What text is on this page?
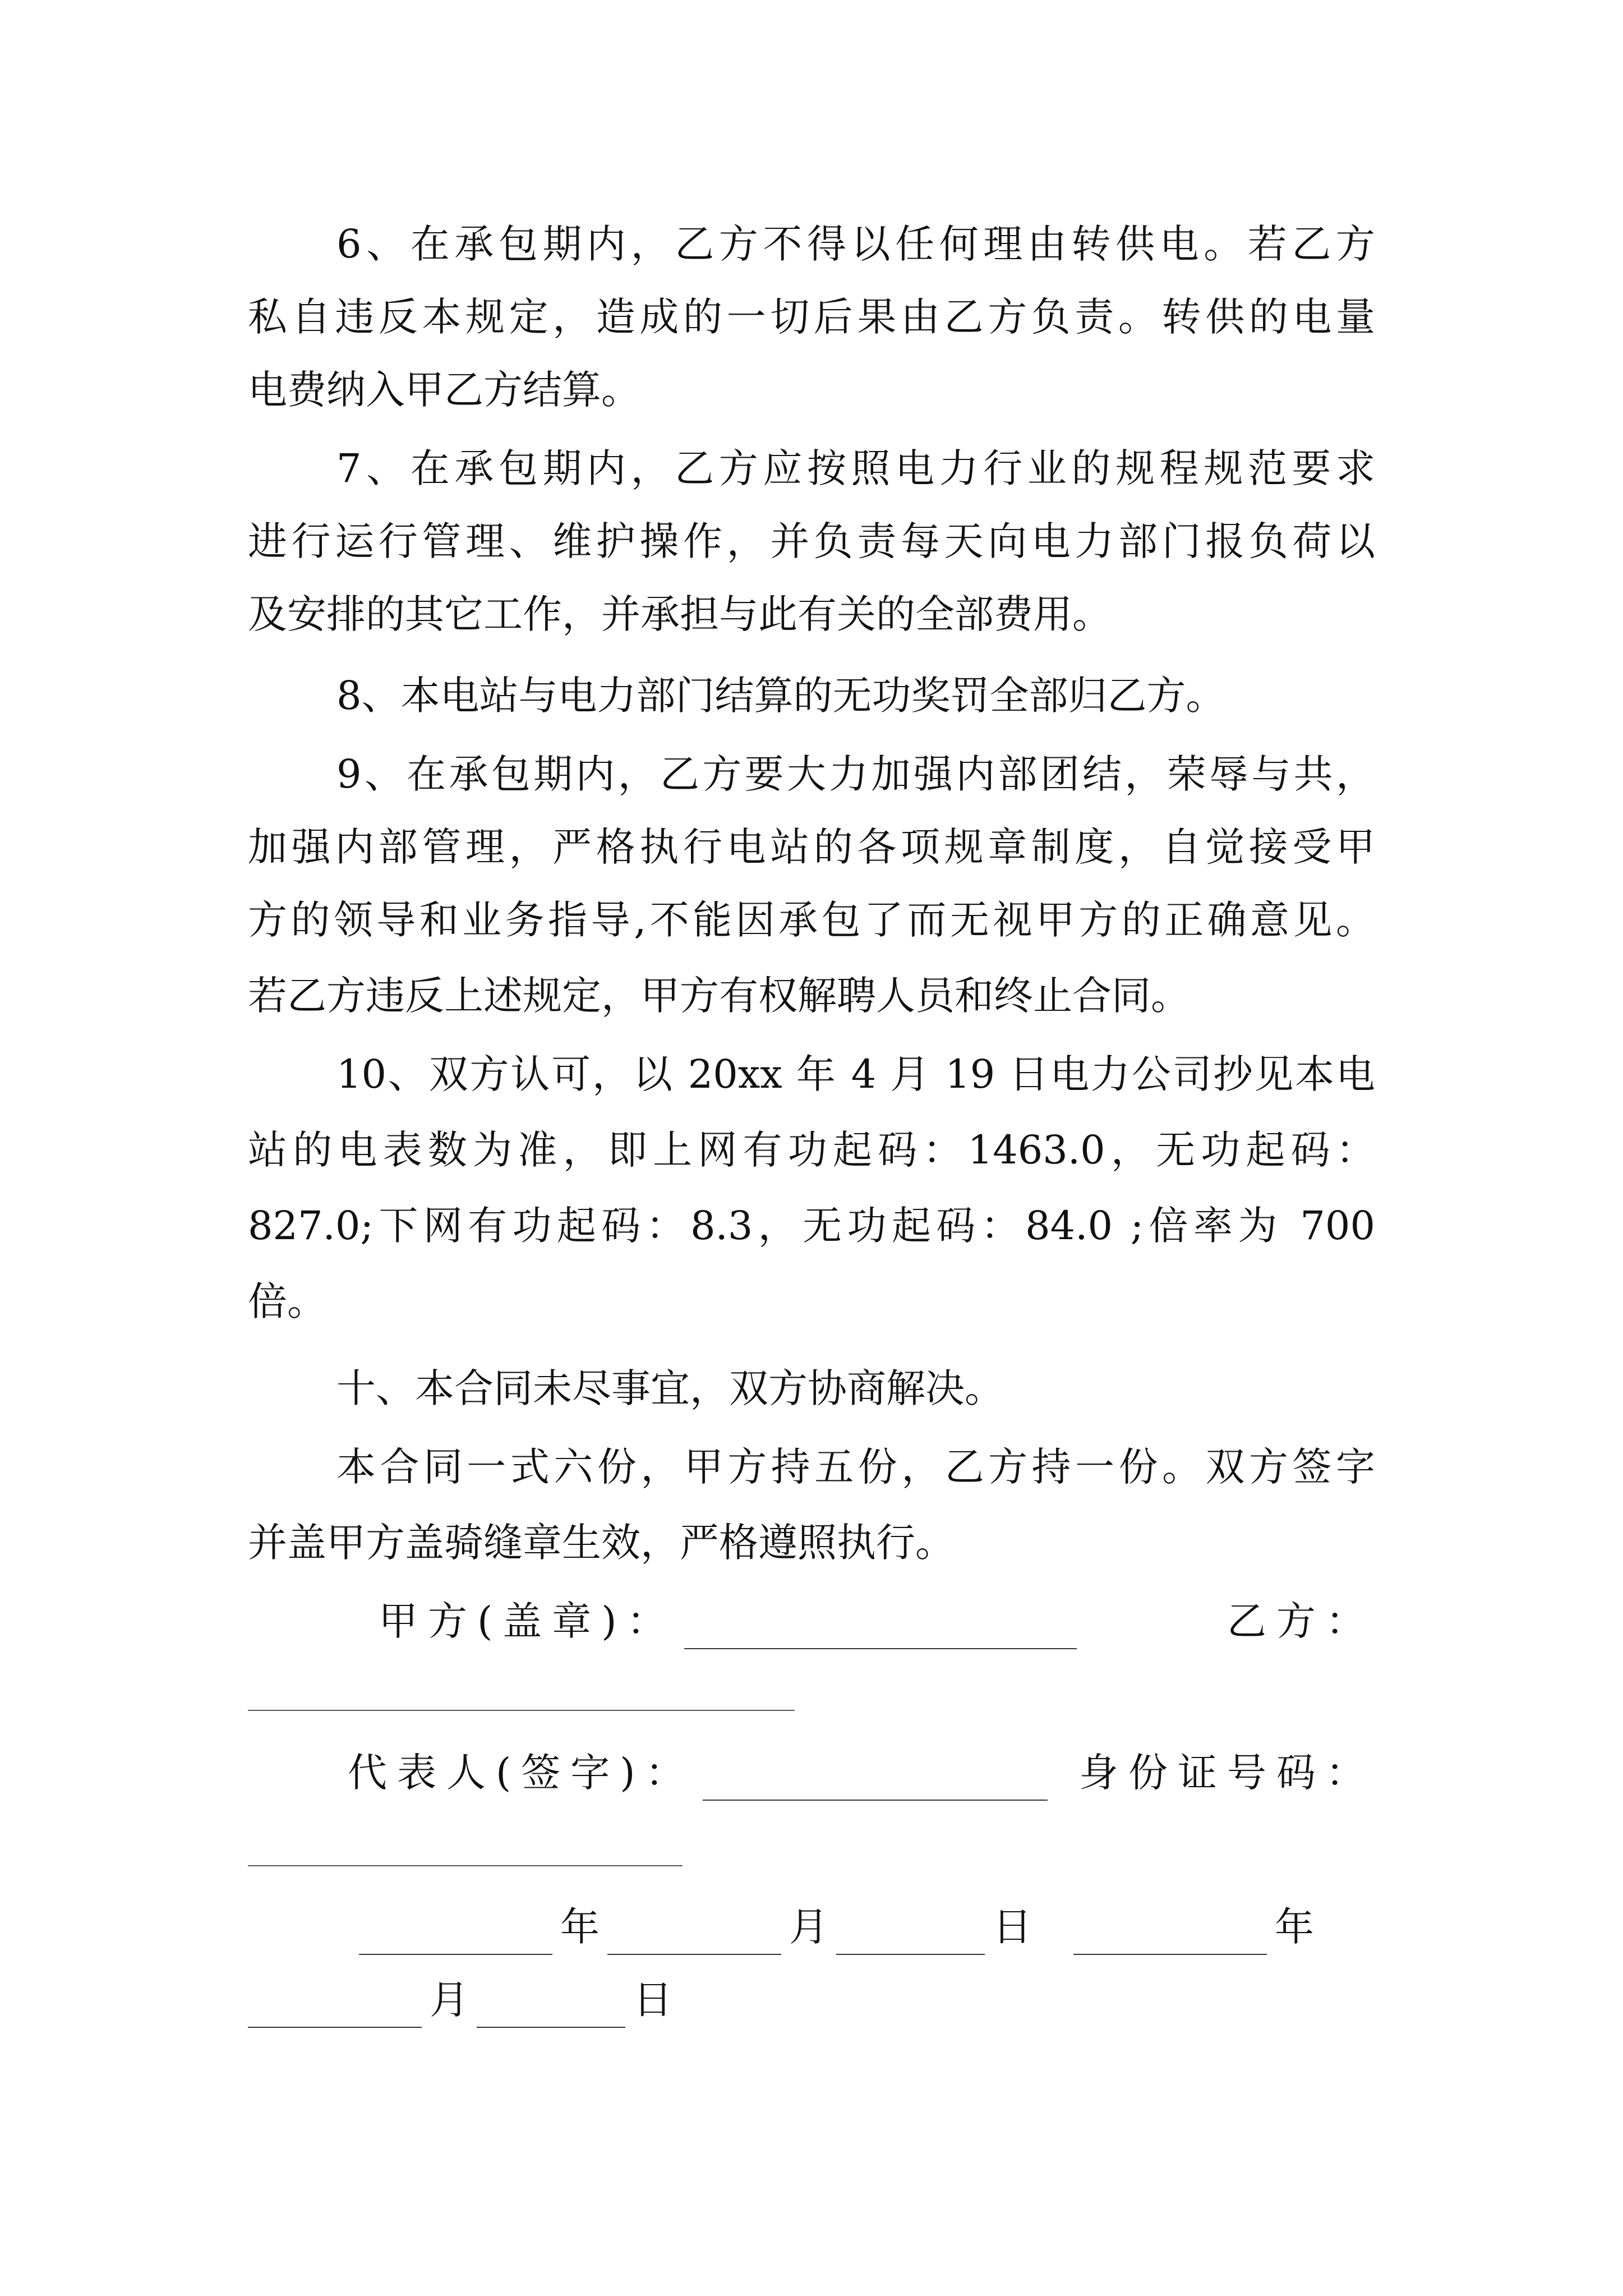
6、在承包期内，乙方不得以任何理由转供电。若乙方
私自违反本规定，造成的一切后果由乙方负责。转供的电量
电费纳入甲乙方结算。
7、在承包期内，乙方应按照电力行业的规程规范要求
进行运行管理、维护操作，并负责每天向电力部门报负荷以
及安排的其它工作，并承担与此有关的全部费用。
8、本电站与电力部门结算的无功奖罚全部归乙方。
9、在承包期内，乙方要大力加强内部团结，荣辱与共，
加强内部管理，严格执行电站的各项规章制度，自觉接受甲
方的领导和业务指导,不能因承包了而无视甲方的正确意见。
若乙方违反上述规定，甲方有权解聘人员和终止合同。
10、双方认可，以 20xx 年 4 月 19 日电力公司抄见本电
站的电表数为准，即上网有功起码：1463.0，无功起码：
827.0;下网有功起码：8.3，无功起码：84.0 ;倍率为 700
倍。
十、本合同未尽事宜，双方协商解决。
本合同一式六份，甲方持五份，乙方持一份。双方签字
并盖甲方盖骑缝章生效，严格遵照执行。
甲方(盖章)：	乙方：
代表人(签字)：	身份证号码：
年	月	日	年
月	日
